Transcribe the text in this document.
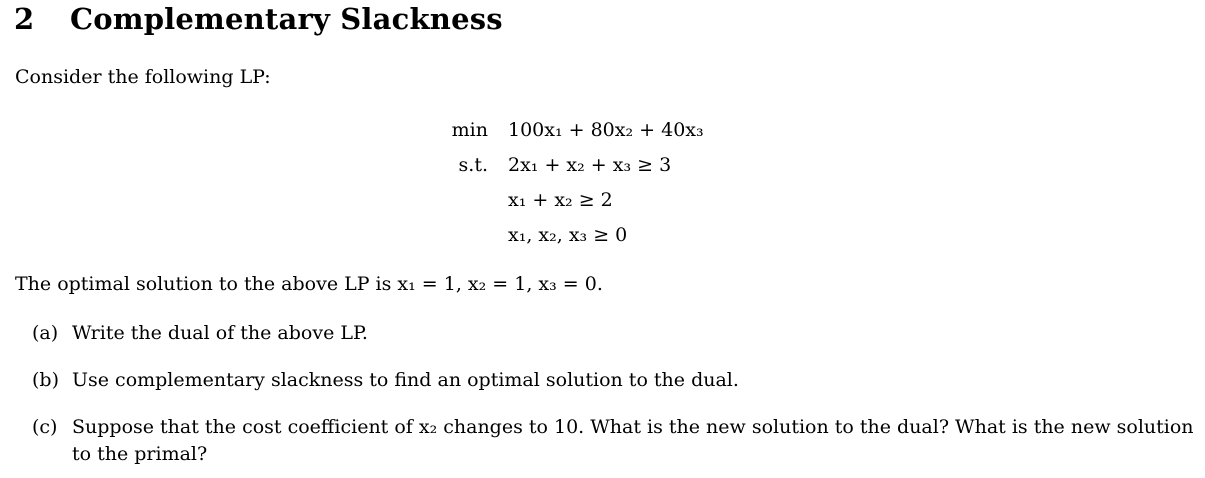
2 Complementary Slackness
Consider the following LP:
min 100x₁ + 80x₂ + 40x₃
s.t. 2x₁ + x₂ + x₃ ≥ 3
x₁ + x₂ ≥ 2
x₁, x₂, x₃ ≥ 0
The optimal solution to the above LP is x₁ = 1, x₂ = 1, x₃ = 0.
(a) Write the dual of the above LP.
(b) Use complementary slackness to find an optimal solution to the dual.
(c) Suppose that the cost coefficient of x₂ changes to 10. What is the new solution to the dual? What is the new solution to the primal?
